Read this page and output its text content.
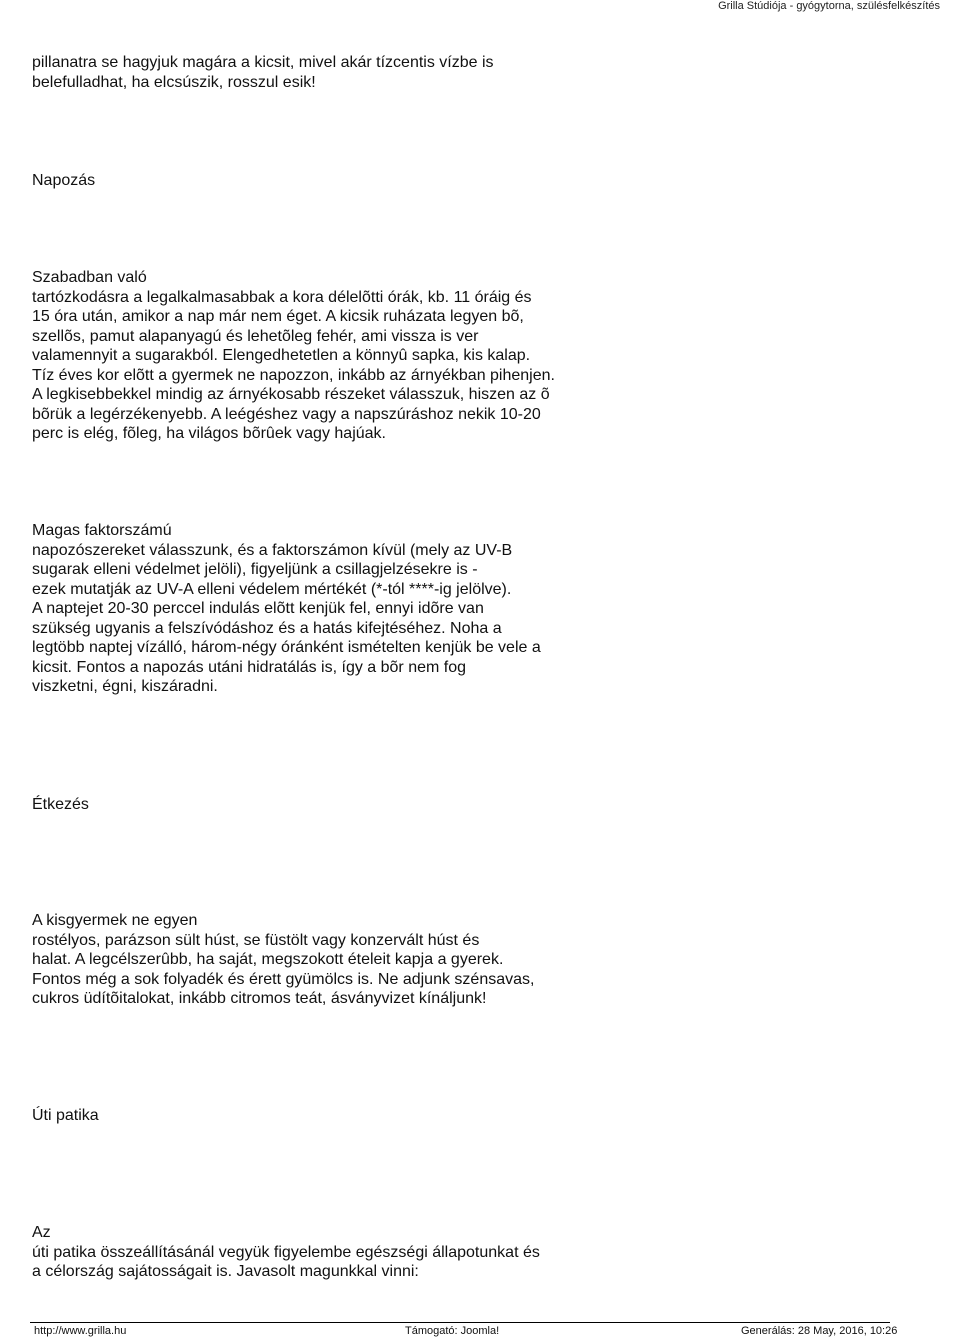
Grilla Stúdiója - gyógytorna, szülésfelkészítés
pillanatra se hagyjuk magára a kicsit, mivel akár tízcentis vízbe is
belefulladhat, ha elcsúszik, rosszul esik!
Napozás
Szabadban való
tartózkodásra a legalkalmasabbak a kora délelõtti órák, kb. 11 óráig és
15 óra után, amikor a nap már nem éget. A kicsik ruházata legyen bõ,
szellõs, pamut alapanyagú és lehetõleg fehér, ami vissza is ver
valamennyit a sugarakból. Elengedhetetlen a könnyû sapka, kis kalap.
Tíz éves kor elõtt a gyermek ne napozzon, inkább az árnyékban pihenjen.
A legkisebbekkel mindig az árnyékosabb részeket válasszuk, hiszen az õ
bõrük a legérzékenyebb. A leégéshez vagy a napszúráshoz nekik 10-20
perc is elég, fõleg, ha világos bõrûek vagy hajúak.
Magas faktorszámú
napozószereket válasszunk, és a faktorszámon kívül (mely az UV-B
sugarak elleni védelmet jelöli), figyeljünk a csillagjelzésekre is -
ezek mutatják az UV-A elleni védelem mértékét (*-tól ****-ig jelölve).
A naptejet 20-30 perccel indulás elõtt kenjük fel, ennyi idõre van
szükség ugyanis a felszívódáshoz és a hatás kifejtéséhez. Noha a
legtöbb naptej vízálló, három-négy óránként ismételten kenjük be vele a
kicsit. Fontos a napozás utáni hidratálás is, így a bõr nem fog
viszketni, égni, kiszáradni.
Étkezés
A kisgyermek ne egyen
rostélyos, parázson sült húst, se füstölt vagy konzervált húst és
halat. A legcélszerûbb, ha saját, megszokott ételeit kapja a gyerek.
Fontos még a sok folyadék és érett gyümölcs is. Ne adjunk szénsavas,
cukros üdítõitalokat, inkább citromos teát, ásványvizet kínáljunk!
Úti patika
Az
úti patika összeállításánál vegyük figyelembe egészségi állapotunkat és
a célország sajátosságait is. Javasolt magunkkal vinni:
http://www.grilla.hu	Támogató: Joomla!	Generálás: 28 May, 2016, 10:26
